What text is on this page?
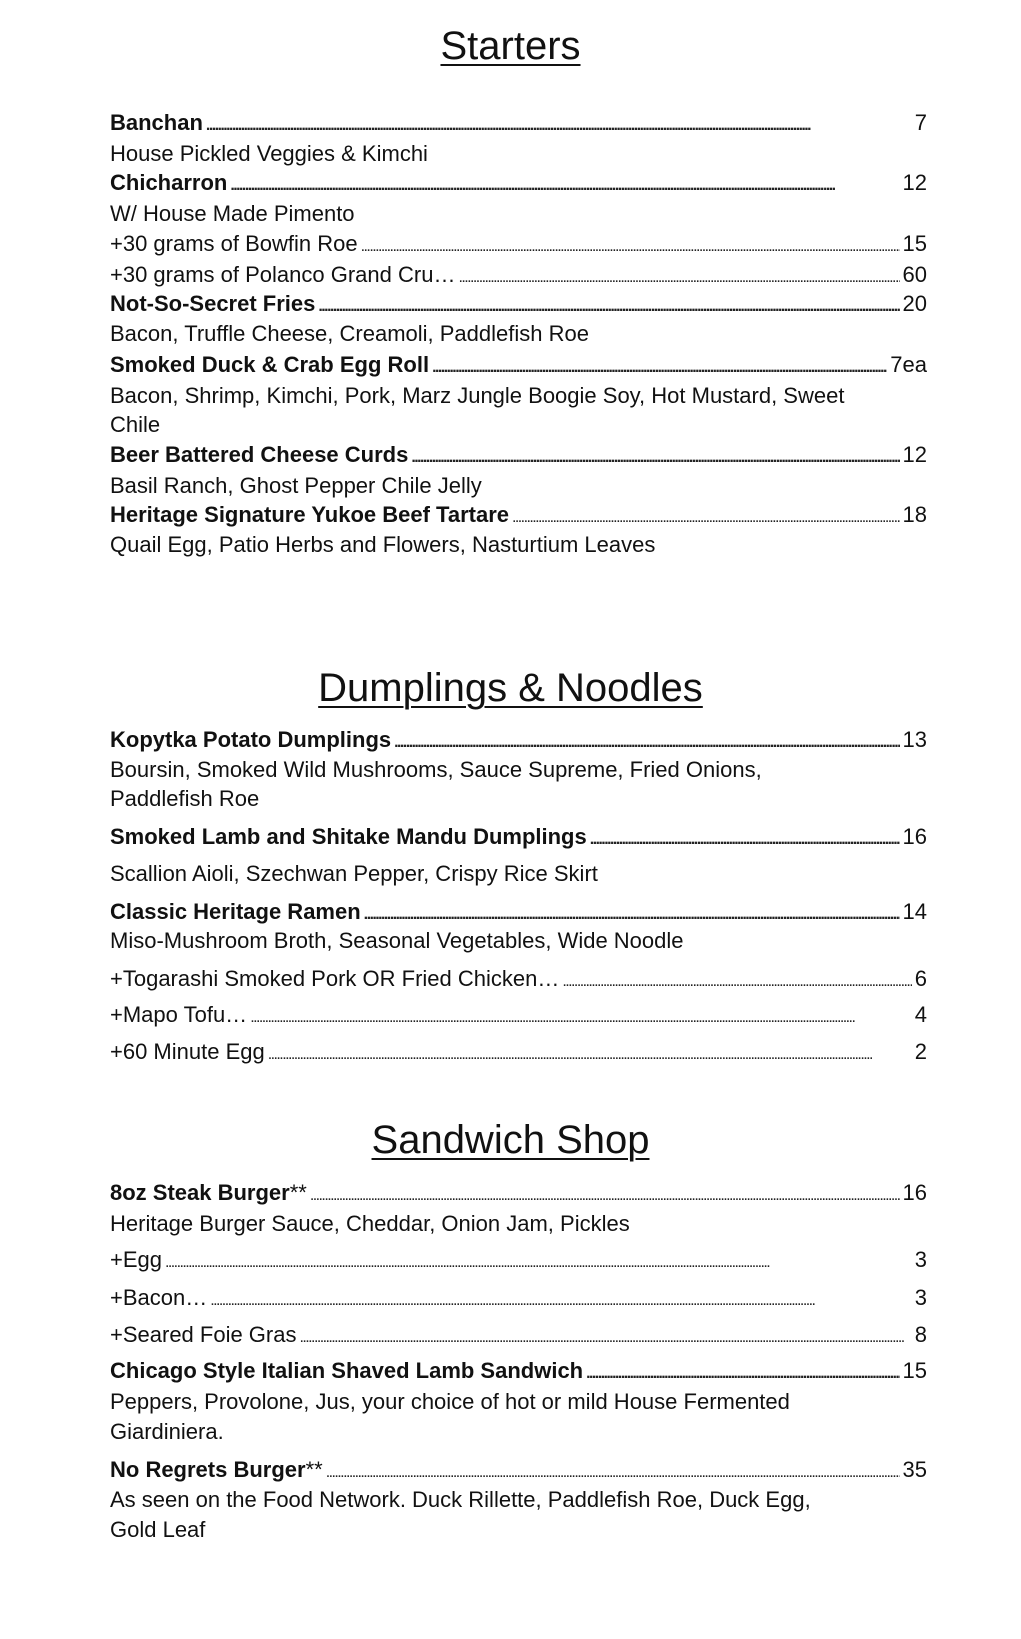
Starters
Banchan . . .	7
House Pickled Veggies & Kimchi
Chicharron . . .	12
W/ House Made Pimento
+30 grams of Bowfin Roe . . .	15
+30 grams of Polanco Grand Cru… . . .	60
Not-So-Secret Fries . . .	20
Bacon, Truffle Cheese, Creamoli, Paddlefish Roe
Smoked Duck & Crab Egg Roll . . .	7ea
Bacon, Shrimp, Kimchi, Pork, Marz Jungle Boogie Soy, Hot Mustard, Sweet
Chile
Beer Battered Cheese Curds . . .	12
Basil Ranch, Ghost Pepper Chile Jelly
Heritage Signature Yukoe Beef Tartare . . .	18
Quail Egg, Patio Herbs and Flowers, Nasturtium Leaves
Dumplings & Noodles
Kopytka Potato Dumplings . . .	13
Boursin, Smoked Wild Mushrooms, Sauce Supreme, Fried Onions,
Paddlefish Roe
Smoked Lamb and Shitake Mandu Dumplings . . .	16
Scallion Aioli, Szechwan Pepper, Crispy Rice Skirt
Classic Heritage Ramen . . .	14
Miso-Mushroom Broth, Seasonal Vegetables, Wide Noodle
+Togarashi Smoked Pork OR Fried Chicken… . . .	6
+Mapo Tofu… . . .	4
+60 Minute Egg . . .	2
Sandwich Shop
8oz Steak Burger** . . .	16
Heritage Burger Sauce, Cheddar, Onion Jam, Pickles
+Egg . . .	3
+Bacon… . . .	3
+Seared Foie Gras . . .	8
Chicago Style Italian Shaved Lamb Sandwich . . .	15
Peppers, Provolone, Jus, your choice of hot or mild House Fermented
Giardiniera.
No Regrets Burger** . . .	35
As seen on the Food Network. Duck Rillette, Paddlefish Roe, Duck Egg,
Gold Leaf
